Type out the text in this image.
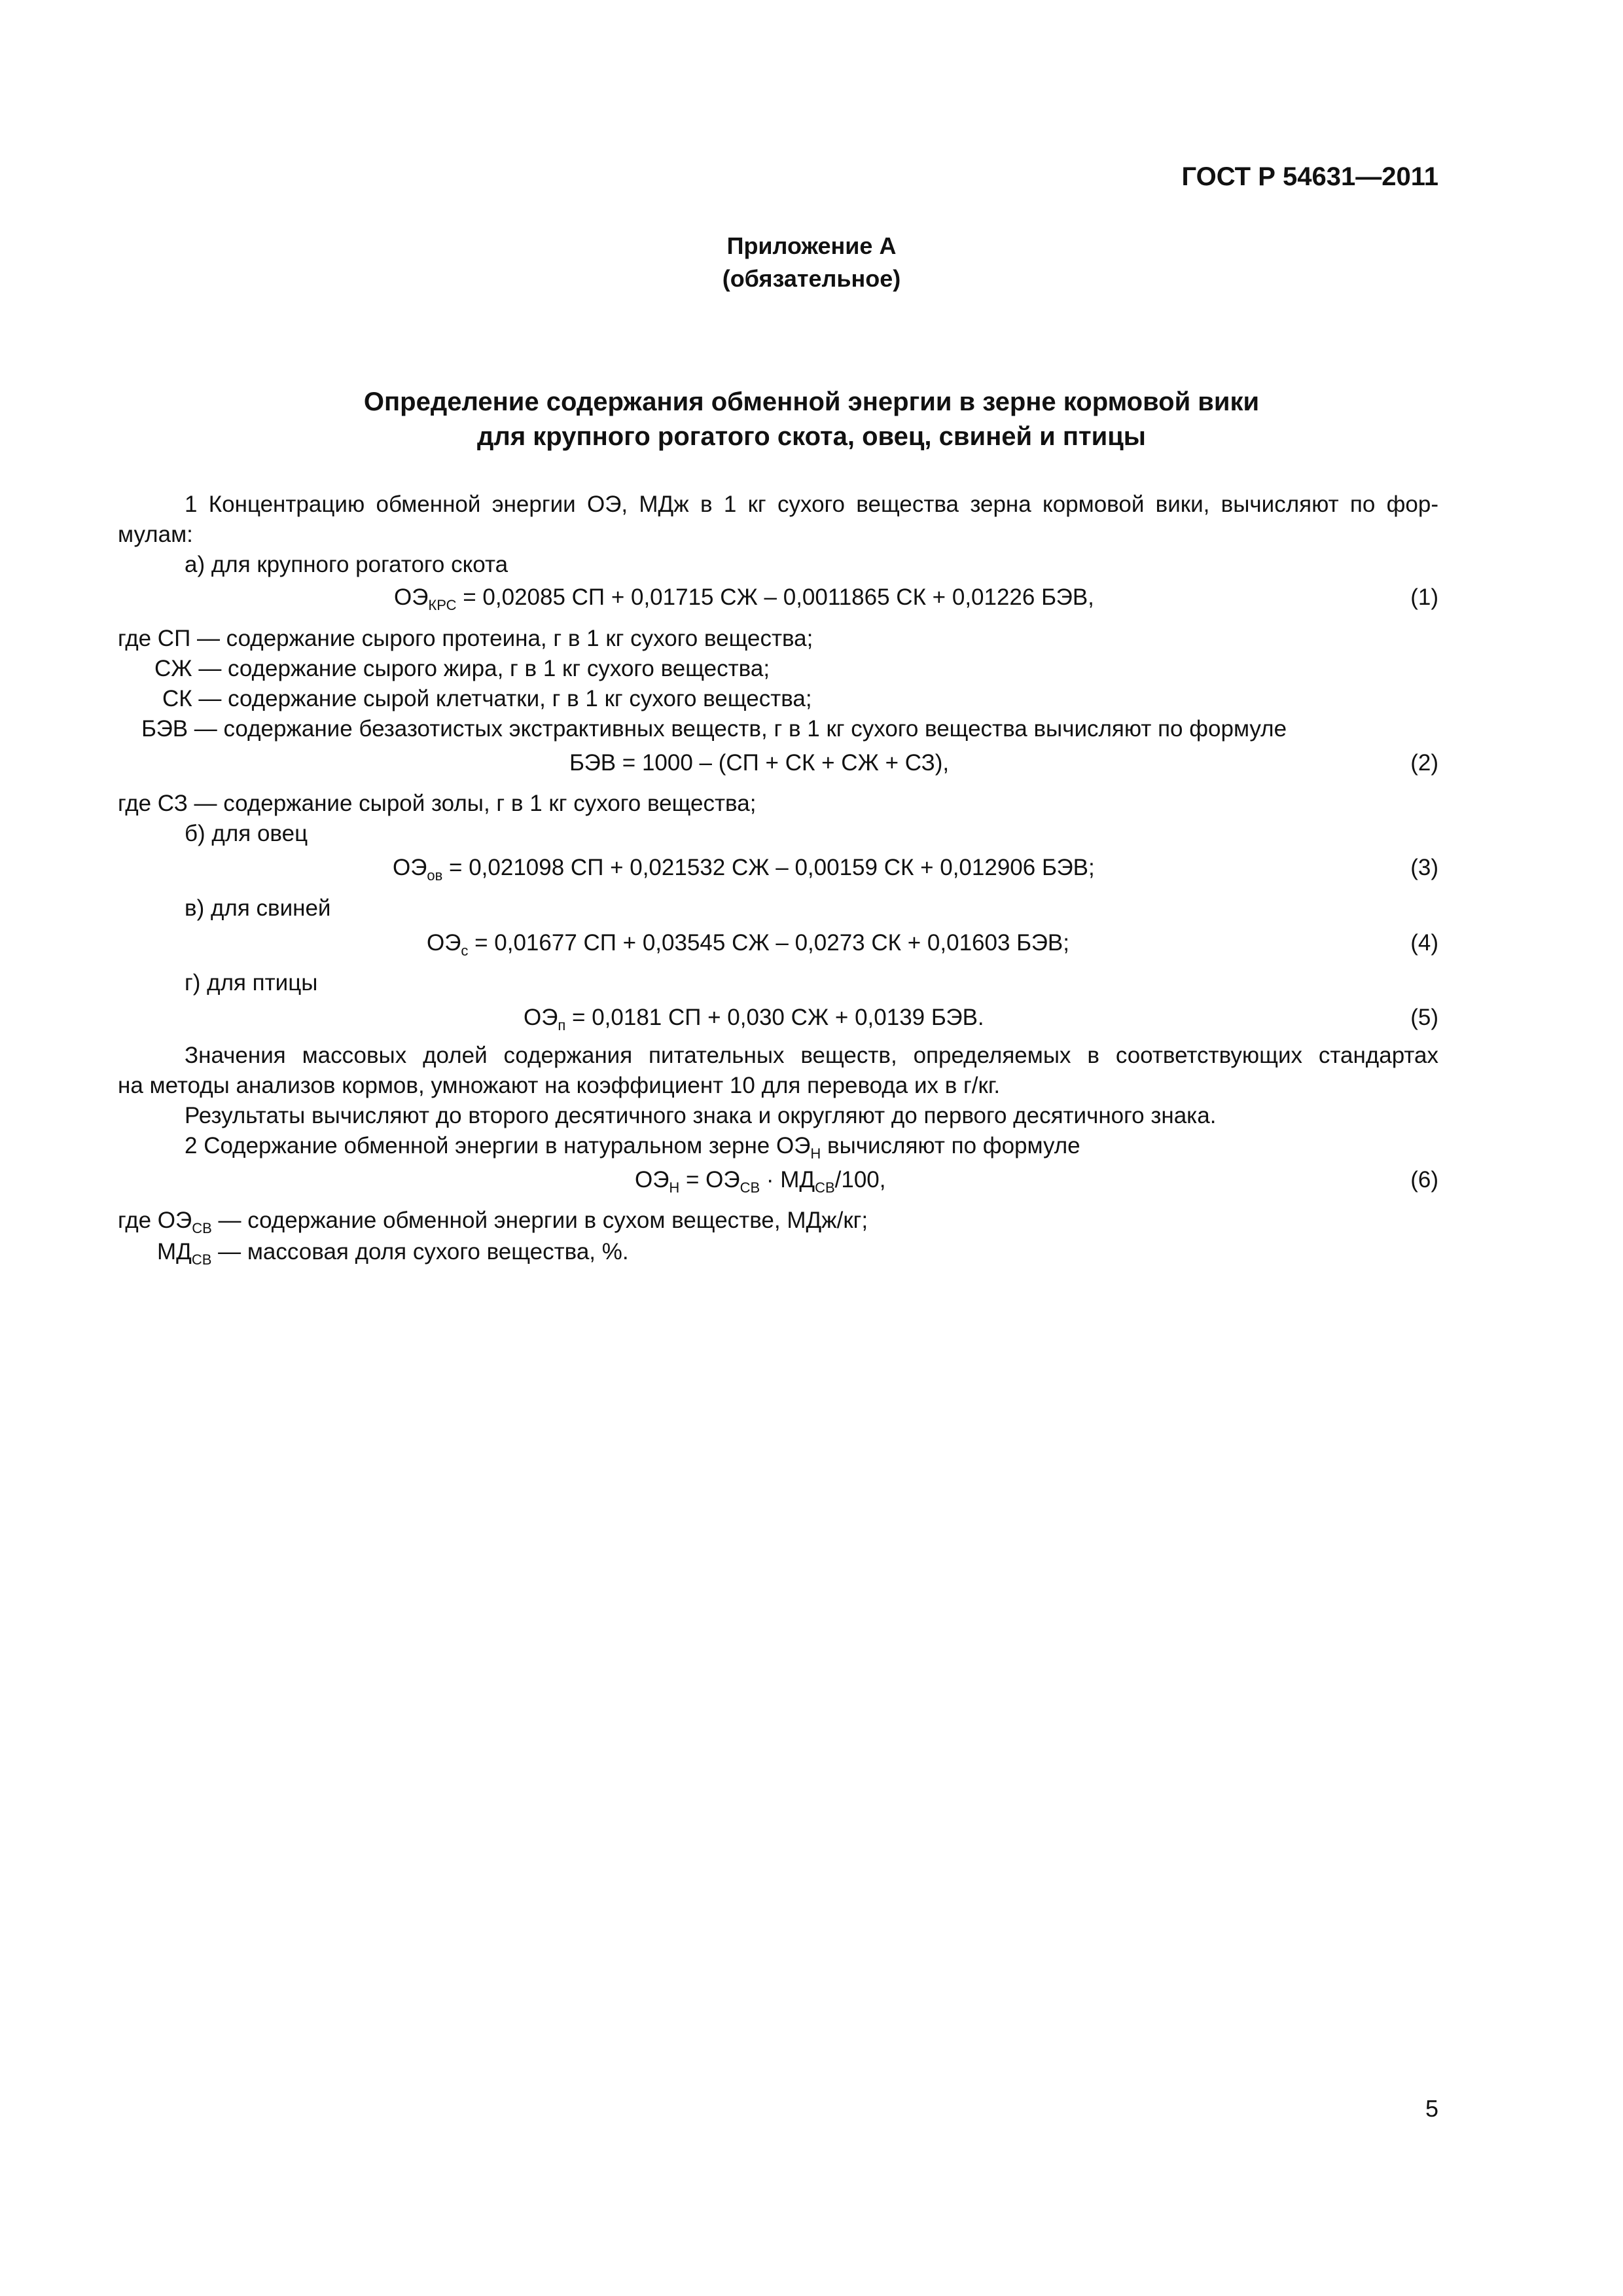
ГОСТ Р 54631—2011
Приложение А
(обязательное)
Определение содержания обменной энергии в зерне кормовой вики
для крупного рогатого скота, овец, свиней и птицы
1 Концентрацию обменной энергии ОЭ, МДж в 1 кг сухого вещества зерна кормовой вики, вычисляют по фор-
мулам:
а) для крупного рогатого скота
$ОЭ_{КРС} = 0,02085$ СП + 0,01715 СЖ – 0,0011865 СК + 0,01226 БЭВ,	(1)
где СП — содержание сырого протеина, г в 1 кг сухого вещества;
СЖ — содержание сырого жира, г в 1 кг сухого вещества;
СК — содержание сырой клетчатки, г в 1 кг сухого вещества;
БЭВ — содержание безазотистых экстрактивных веществ, г в 1 кг сухого вещества вычисляют по формуле
БЭВ = 1000 – (СП + СК + СЖ + СЗ),	(2)
где СЗ — содержание сырой золы, г в 1 кг сухого вещества;
б) для овец
$ОЭ_{ов} = 0,021098$ СП + 0,021532 СЖ – 0,00159 СК + 0,012906 БЭВ;	(3)
в) для свиней
$ОЭ_с = 0,01677$ СП + 0,03545 СЖ – 0,0273 СК + 0,01603 БЭВ;	(4)
г) для птицы
$ОЭ_п = 0,0181$ СП + 0,030 СЖ + 0,0139 БЭВ.	(5)
Значения массовых долей содержания питательных веществ, определяемых в соответствующих стандартах
на методы анализов кормов, умножают на коэффициент 10 для перевода их в г/кг.
Результаты вычисляют до второго десятичного знака и округляют до первого десятичного знака.
2 Содержание обменной энергии в натуральном зерне $ОЭ_Н$ вычисляют по формуле
$ОЭ_Н = ОЭ_{СВ} \cdot МД_{СВ}/100$,	(6)
где $ОЭ_{СВ}$ — содержание обменной энергии в сухом веществе, МДж/кг;
$МД_{СВ}$ — массовая доля сухого вещества, %.
5
